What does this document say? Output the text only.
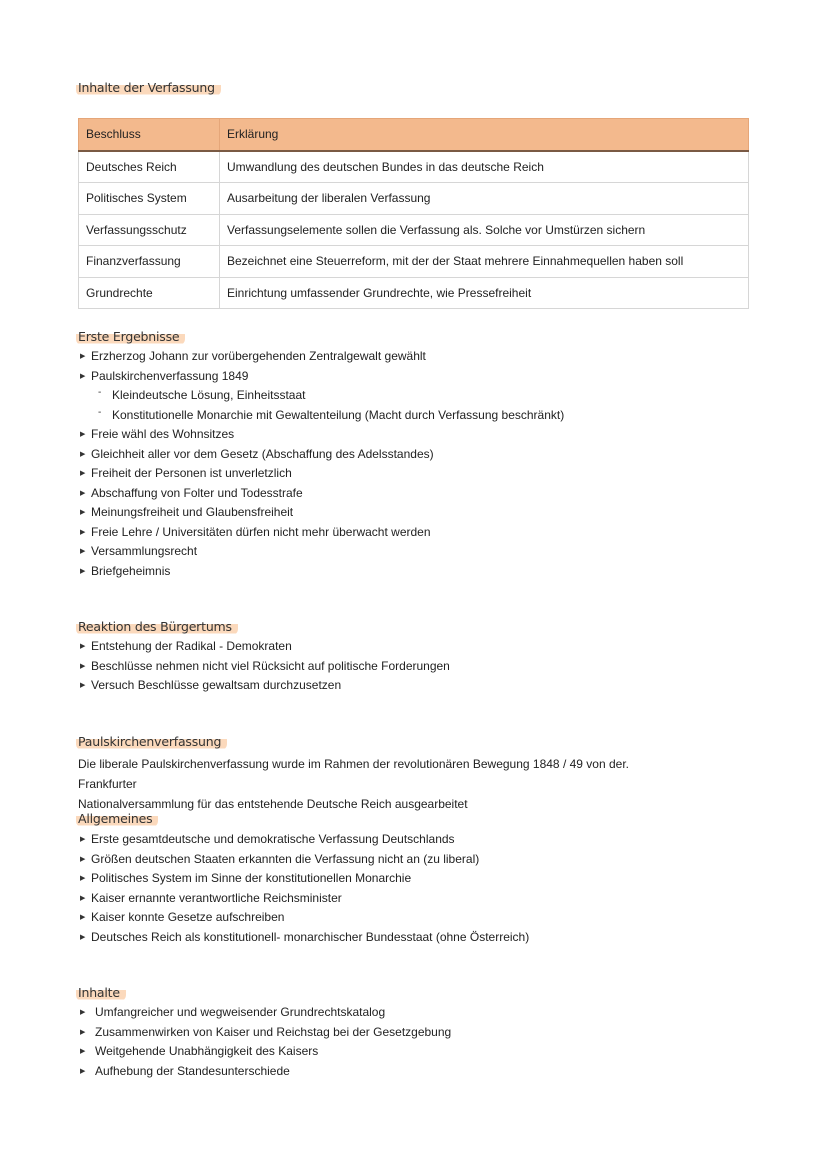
Inhalte der Verfassung
Beschluss	Erklärung
Deutsches Reich	Umwandlung des deutschen Bundes in das deutsche Reich
Politisches System	Ausarbeitung der liberalen Verfassung
Verfassungsschutz	Verfassungselemente sollen die Verfassung als. Solche vor Umstürzen sichern
Finanzverfassung	Bezeichnet eine Steuerreform, mit der der Staat mehrere Einnahmequellen haben soll
Grundrechte	Einrichtung umfassender Grundrechte, wie Pressefreiheit
Erste Ergebnisse
▶ Erzherzog Johann zur vorübergehenden Zentralgewalt gewählt
▶ Paulskirchenverfassung 1849
- Kleindeutsche Lösung, Einheitsstaat
- Konstitutionelle Monarchie mit Gewaltenteilung (Macht durch Verfassung beschränkt)
▶ Freie wähl des Wohnsitzes
▶ Gleichheit aller vor dem Gesetz (Abschaffung des Adelsstandes)
▶ Freiheit der Personen ist unverletzlich
▶ Abschaffung von Folter und Todesstrafe
▶ Meinungsfreiheit und Glaubensfreiheit
▶ Freie Lehre / Universitäten dürfen nicht mehr überwacht werden
▶ Versammlungsrecht
▶ Briefgeheimnis
Reaktion des Bürgertums
▶ Entstehung der Radikal - Demokraten
▶ Beschlüsse nehmen nicht viel Rücksicht auf politische Forderungen
▶ Versuch Beschlüsse gewaltsam durchzusetzen
Paulskirchenverfassung
Die liberale Paulskirchenverfassung wurde im Rahmen der revolutionären Bewegung 1848 / 49 von der. Frankfurter
Nationalversammlung für das entstehende Deutsche Reich ausgearbeitet
Allgemeines
▶ Erste gesamtdeutsche und demokratische Verfassung Deutschlands
▶ Größen deutschen Staaten erkannten die Verfassung nicht an (zu liberal)
▶ Politisches System im Sinne der konstitutionellen Monarchie
▶ Kaiser ernannte verantwortliche Reichsminister
▶ Kaiser konnte Gesetze aufschreiben
▶ Deutsches Reich als konstitutionell- monarchischer Bundesstaat (ohne Österreich)
Inhalte
▶ Umfangreicher und wegweisender Grundrechtskatalog
▶ Zusammenwirken von Kaiser und Reichstag bei der Gesetzgebung
▶ Weitgehende Unabhängigkeit des Kaisers
▶ Aufhebung der Standesunterschiede
